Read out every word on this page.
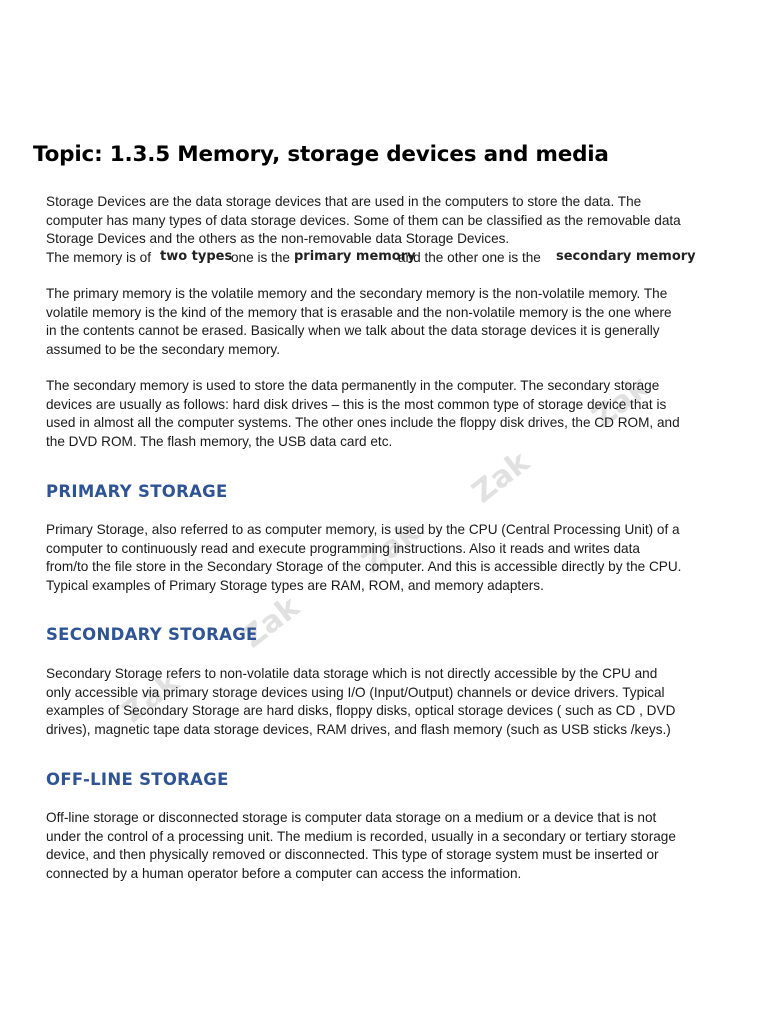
Zak
Zak
Zak
Zak
Zak
Topic: 1.3.5 Memory, storage devices and media

Storage Devices are the data storage devices that are used in the computers to store the data. The

computer has many types of data storage devices. Some of them can be classified as the removable data

Storage Devices and the others as the non-removable data Storage Devices.

The memory is of two types
one is the primary memory
and the other one is the secondary memory

The primary memory is the volatile memory and the secondary memory is the non-volatile memory. The

volatile memory is the kind of the memory that is erasable and the non-volatile memory is the one where

in the contents cannot be erased. Basically when we talk about the data storage devices it is generally

assumed to be the secondary memory.

The secondary memory is used to store the data permanently in the computer. The secondary storage

devices are usually as follows: hard disk drives – this is the most common type of storage device that is

used in almost all the computer systems. The other ones include the floppy disk drives, the CD ROM, and

the DVD ROM. The flash memory, the USB data card etc.

PRIMARY STORAGE

Primary Storage, also referred to as computer memory, is used by the CPU (Central Processing Unit) of a

computer to continuously read and execute programming instructions. Also it reads and writes data

from/to the file store in the Secondary Storage of the computer. And this is accessible directly by the CPU.

Typical examples of Primary Storage types are RAM, ROM, and memory adapters.

SECONDARY STORAGE

Secondary Storage refers to non-volatile data storage which is not directly accessible by the CPU and

only accessible via primary storage devices using I/O (Input/Output) channels or device drivers. Typical

examples of Secondary Storage are hard disks, floppy disks, optical storage devices ( such as CD , DVD

drives), magnetic tape data storage devices, RAM drives, and flash memory (such as USB sticks /keys.)

OFF-LINE STORAGE

Off-line storage or disconnected storage is computer data storage on a medium or a device that is not

under the control of a processing unit. The medium is recorded, usually in a secondary or tertiary storage

device, and then physically removed or disconnected. This type of storage system must be inserted or

connected by a human operator before a computer can access the information.
